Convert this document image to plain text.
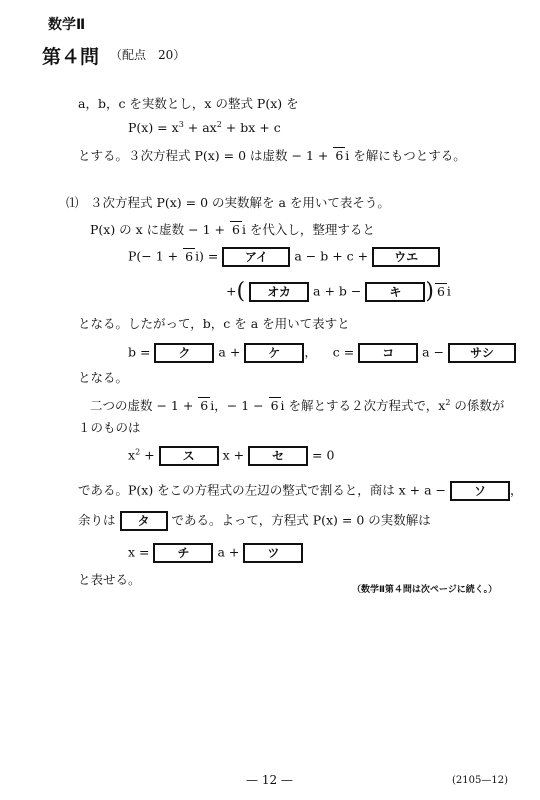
数学Ⅱ
第４問 （配点　20）
a，b，c を実数とし，x の整式 P(x) を
$P(x) = x^3 + ax^2$ + bx + c
とする。３次方程式 P(x) = 0 は虚数 − 1 + 6 i を解にもつとする。
⑴ ３次方程式 P(x) = 0 の実数解を a を用いて表そう。
P(x) の x に虚数 − 1 + 6 i を代入し，整理すると
P(− 1 + 6 i) = アイ a − b + c + ウエ
+( オカ a + b − キ ) 6 i
となる。したがって，b，c を a を用いて表すと
b = ク a + ケ ， c = コ a − サシ
となる。
二つの虚数 − 1 + 6 i，− 1 − 6 i を解とする２次方程式で，$x^2$ の係数が
１のものは
$x^2$ + ス x + セ = 0
である。P(x) をこの方程式の左辺の整式で割ると，商は x + a − ソ ，
余りは タ である。よって，方程式 P(x) = 0 の実数解は
x = チ a + ツ
と表せる。
（数学Ⅱ第４問は次ページに続く。）
— 12 —	(2105—12)
